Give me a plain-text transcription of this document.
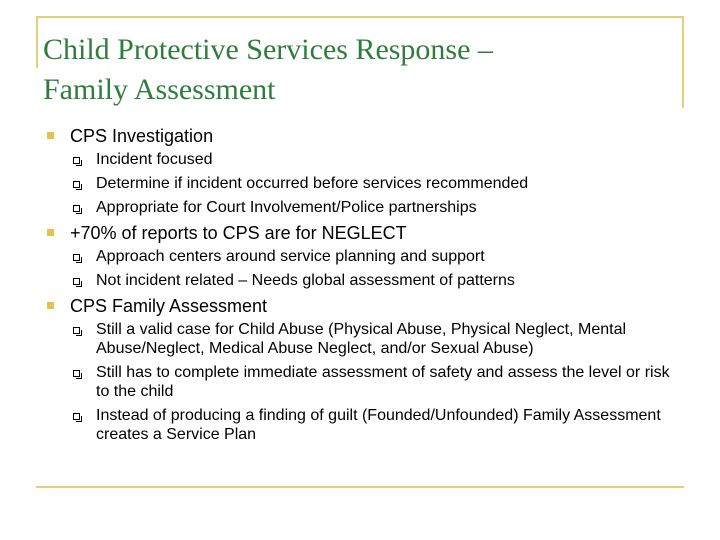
Child Protective Services Response –
Family Assessment
CPS Investigation
Incident focused
Determine if incident occurred before services recommended
Appropriate for Court Involvement/Police partnerships
+70% of reports to CPS are for NEGLECT
Approach centers around service planning and support
Not incident related – Needs global assessment of patterns
CPS Family Assessment
Still a valid case for Child Abuse (Physical Abuse, Physical Neglect, Mental Abuse/Neglect, Medical Abuse Neglect, and/or Sexual Abuse)
Still has to complete immediate assessment of safety and assess the level or risk to the child
Instead of producing a finding of guilt (Founded/Unfounded) Family Assessment creates a Service Plan
